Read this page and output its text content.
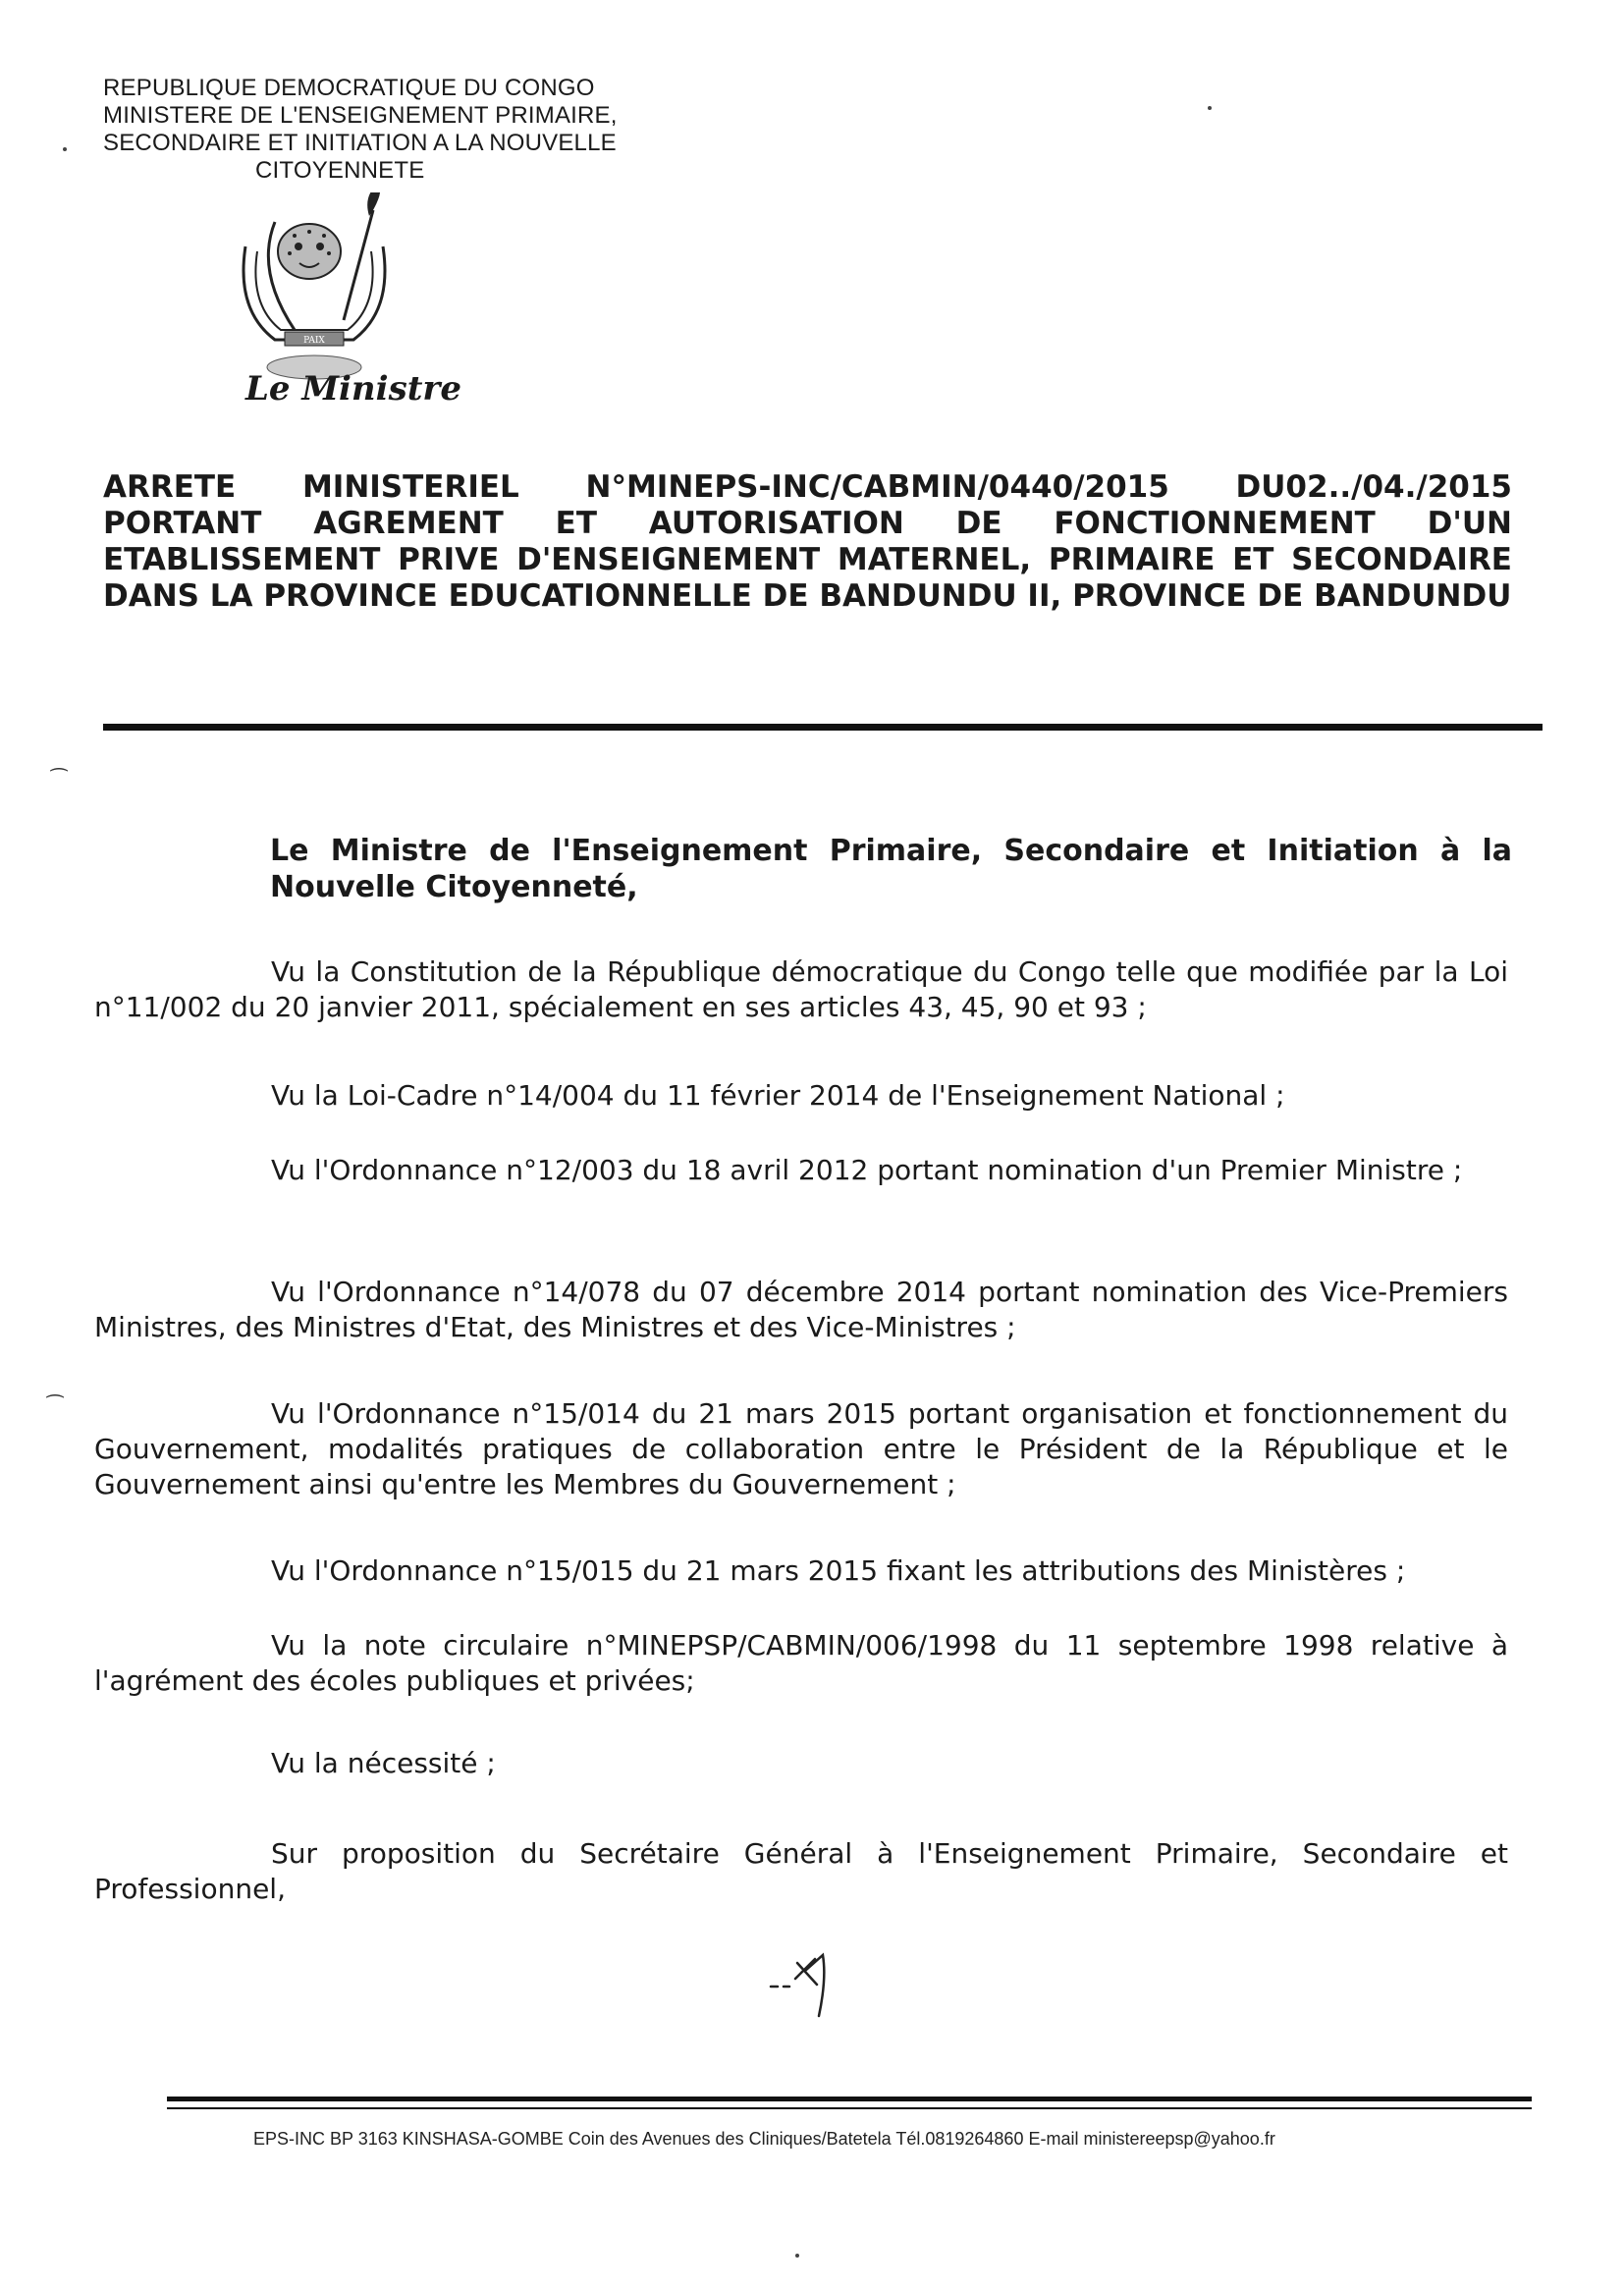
REPUBLIQUE DEMOCRATIQUE DU CONGO
MINISTERE DE L'ENSEIGNEMENT PRIMAIRE,
SECONDAIRE ET INITIATION A LA NOUVELLE
CITOYENNETE
PAIX
Le Ministre
ARRETE MINISTERIEL N°MINEPS-INC/CABMIN/0440/2015 DU02../04./2015
PORTANT AGREMENT ET AUTORISATION DE FONCTIONNEMENT D'UN ETABLISSEMENT PRIVE D'ENSEIGNEMENT MATERNEL, PRIMAIRE ET SECONDAIRE DANS LA PROVINCE EDUCATIONNELLE DE BANDUNDU II, PROVINCE DE BANDUNDU
⁀
⁀
Le Ministre de l'Enseignement Primaire, Secondaire et Initiation à la Nouvelle Citoyenneté,
Vu la Constitution de la République démocratique du Congo telle que modifiée par la Loi n°11/002 du 20 janvier 2011, spécialement en ses articles 43, 45, 90 et 93 ;
Vu la Loi-Cadre n°14/004 du 11 février 2014 de l'Enseignement National ;
Vu l'Ordonnance n°12/003 du 18 avril 2012 portant nomination d'un Premier Ministre ;
Vu l'Ordonnance n°14/078 du 07 décembre 2014 portant nomination des Vice-Premiers Ministres, des Ministres d'Etat, des Ministres et des Vice-Ministres ;
Vu l'Ordonnance n°15/014 du 21 mars 2015 portant organisation et fonctionnement du Gouvernement, modalités pratiques de collaboration entre le Président de la République et le Gouvernement ainsi qu'entre les Membres du Gouvernement ;
Vu l'Ordonnance n°15/015 du 21 mars 2015 fixant les attributions des Ministères ;
Vu la note circulaire n°MINEPSP/CABMIN/006/1998 du 11 septembre 1998 relative à l'agrément des écoles publiques et privées;
Vu la nécessité ;
Sur proposition du Secrétaire Général à l'Enseignement Primaire, Secondaire et Professionnel,
EPS-INC BP 3163 KINSHASA-GOMBE Coin des Avenues des Cliniques/Batetela Tél.0819264860 E-mail ministereepsp@yahoo.fr
